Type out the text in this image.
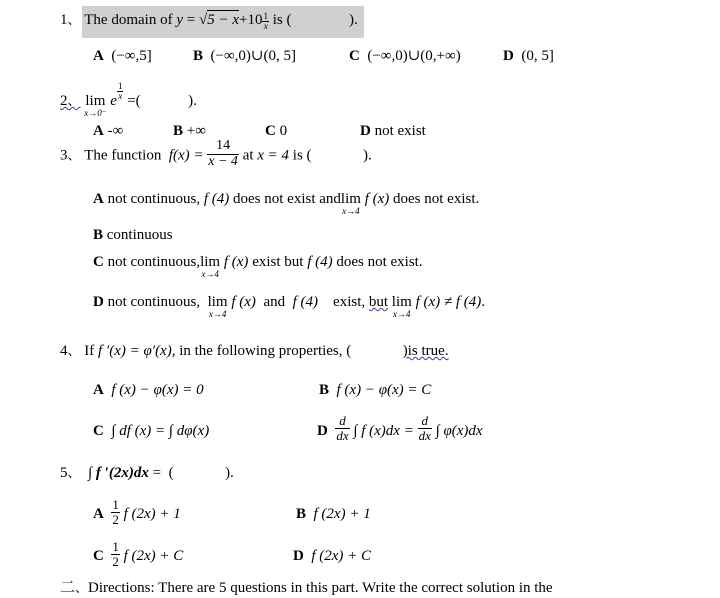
1、 The domain of $y = √5 - x+10 \frac{1}{x}$ is (	).
A (−∞,5]	B (−∞,0)∪(0, 5]	C (−∞,0)∪(0,+∞)	D (0, 5]
2、 lim
x→0⁻
e $\frac{1}{x}$ =(	).
A -∞	B +∞	C 0	D not exist
3、 The function $f(x) = \frac{14}{x - 4}$ at x = 4 is (	).
A not continuous, f (4) does not exist andlim
x→4
f (x) does not exist.
B continuous
C not continuous,lim
x→4
f (x) exist but f (4) does not exist.
D not continuous, lim
x→4
f (x) and f (4) exist, but lim
x→4
f (x) ≠ f (4).
4、 If f ′(x) = φ′(x), in the following properties, (	)is true.
A f (x) − φ(x) = 0	B f (x) − φ(x) = C
C ∫ df (x) = ∫ dφ(x)	D $\frac{d}{dx}$ ∫ f $(x)dx = \frac{d}{dx}$ ∫ φ(x)dx
5、 ∫ f ′(2x)dx = (	).
A $\frac{1}{2}$ f (2x) + 1	B f (2x) + 1
C $\frac{1}{2}$ f (2x) + C	D f (2x) + C
二、Directions: There are 5 questions in this part. Write the correct solution in the
